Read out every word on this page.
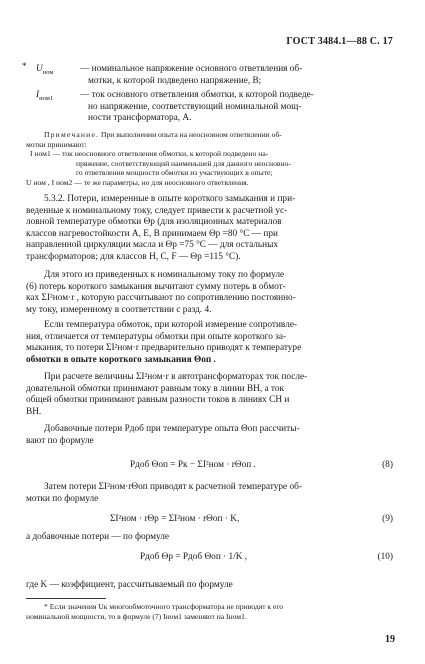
ГОСТ 3484.1—88 С. 17
*	$U_{ном}$	— номинальное напряжение основного ответвления об-
мотки, к которой подведено напряжение, В;
$I_{ном1}$	— ток основного ответвления обмотки, к которой подведе-
но напряжение, соответствующий номинальной мощ-
ности трансформатора, А.
Примечание. При выполнении опыта на неосновном ответвлении об-
мотки принимают:
I ном1 — ток неосновного ответвления обмотки, к которой подведено на-
пряжение, соответствующий наименьшей для данного неосновно-
го ответвления мощности обмотки из участвующих в опыте;
U ном , I ном2 — те же параметры, но для неосновного ответвления.
5.3.2. Потери, измеренные в опыте короткого замыкания и при-
веденные к номинальному току, следует привести к расчетной ус-
ловной температуре обмотки Θр (для изоляционных материалов
классов нагревостойкости А, Е, В принимаем Θр =80 °С — при
направленной циркуляции масла и Θр =75 °С — для остальных
трансформаторов; для классов Н, С, F — Θр =115 °С).
Для этого из приведенных к номинальному току по формуле
(6) потерь короткого замыкания вычитают сумму потерь в обмот-
ках ΣI²ном·r , которую рассчитывают по сопротивлению постоянно-
му току, измеренному в соответствии с разд. 4.
Если температура обмоток, при которой измерение сопротивле-
ния, отличается от температуры обмотки при опыте короткого за-
мыкания, то потери ΣI²ном·r предварительно приводят к температуре
обмотки в опыте короткого замыкания Θоп .
При расчете величины ΣI²ном·r в автотрансформаторах ток после-
довательной обмотки принимают равным току в линии ВН, а ток
общей обмотки принимают равным разности токов в линиях СН и
ВН.
Добавочные потери Pдоб при температуре опыта Θоп рассчиты-
вают по формуле
Pдоб Θоп = Pк − ΣI²ном · rΘоп .	(8)
Затем потери ΣI²ном·rΘоп приводят к расчетной температуре об-
мотки по формуле
ΣI²ном · rΘр = ΣI²ном · rΘоп · K,	(9)
а добавочные потери — по формуле
Pдоб Θр = Pдоб Θоп · 1/K ,	(10)
где K — коэффициент, рассчитываемый по формуле
* Если значения Uк многообмоточного трансформатора не приводят к его
номинальной мощности, то в формуле (7) Iном1 заменяют на Iном1.
19
